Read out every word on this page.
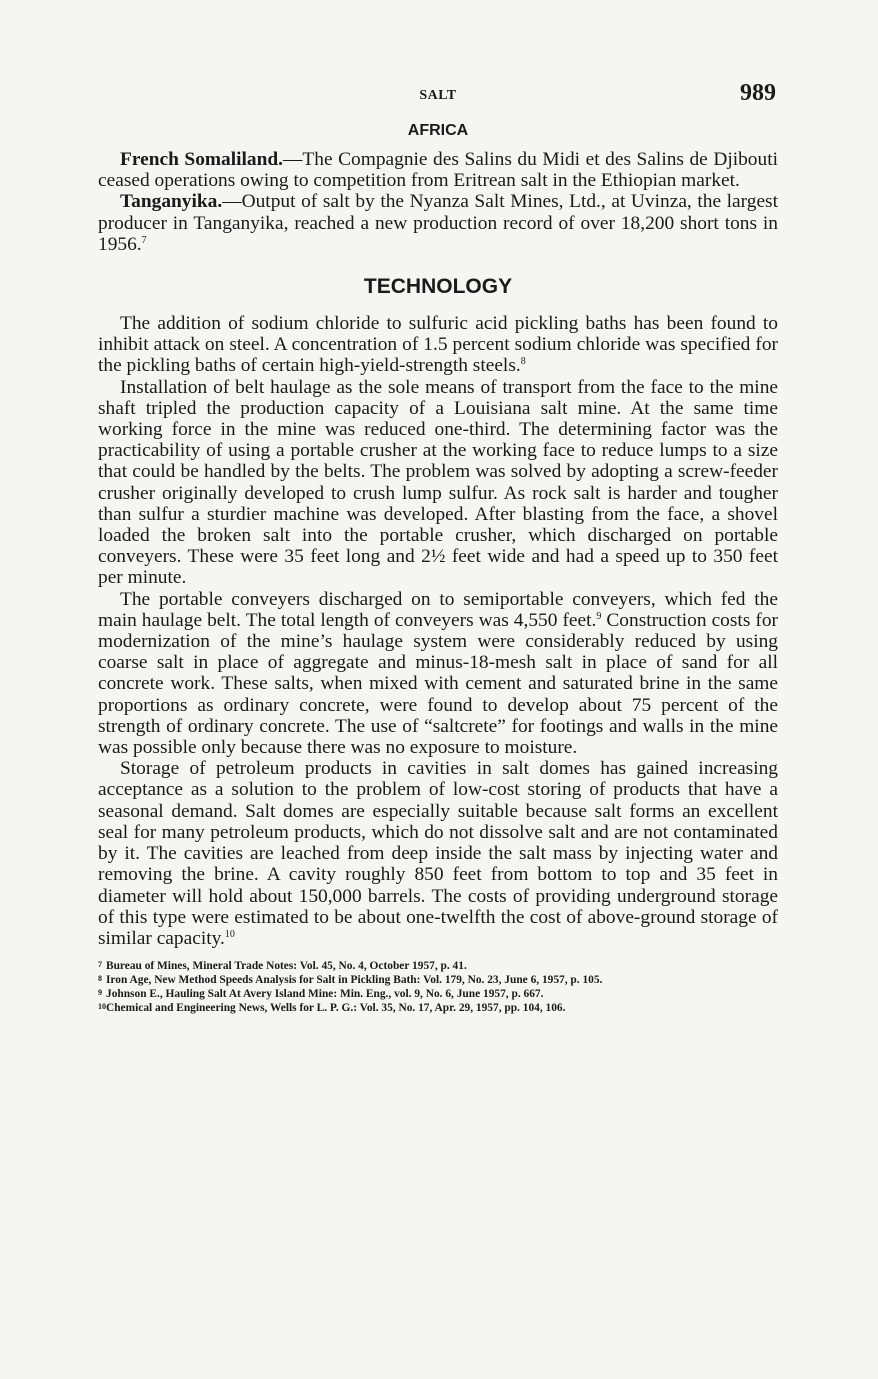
SALT	989
AFRICA

French Somaliland.—The Compagnie des Salins du Midi et des Salins de Djibouti ceased operations owing to competition from Eritrean salt in the Ethiopian market.

Tanganyika.—Output of salt by the Nyanza Salt Mines, Ltd., at Uvinza, the largest producer in Tanganyika, reached a new production record of over 18,200 short tons in 1956.$^7$

TECHNOLOGY

The addition of sodium chloride to sulfuric acid pickling baths has been found to inhibit attack on steel. A concentration of 1.5 percent sodium chloride was specified for the pickling baths of certain high-yield-strength steels.$^8$

Installation of belt haulage as the sole means of transport from the face to the mine shaft tripled the production capacity of a Louisiana salt mine. At the same time working force in the mine was reduced one-third. The determining factor was the practicability of using a portable crusher at the working face to reduce lumps to a size that could be handled by the belts. The problem was solved by adopting a screw-feeder crusher originally developed to crush lump sulfur. As rock salt is harder and tougher than sulfur a sturdier machine was developed. After blasting from the face, a shovel loaded the broken salt into the portable crusher, which discharged on portable conveyers. These were 35 feet long and 2½ feet wide and had a speed up to 350 feet per minute.

The portable conveyers discharged on to semiportable conveyers, which fed the main haulage belt. The total length of conveyers was 4,550 feet.$^9$ Construction costs for modernization of the mine’s haulage system were considerably reduced by using coarse salt in place of aggregate and minus-18-mesh salt in place of sand for all concrete work. These salts, when mixed with cement and saturated brine in the same proportions as ordinary concrete, were found to develop about 75 percent of the strength of ordinary concrete. The use of “saltcrete” for footings and walls in the mine was possible only because there was no exposure to moisture.

Storage of petroleum products in cavities in salt domes has gained increasing acceptance as a solution to the problem of low-cost storing of products that have a seasonal demand. Salt domes are especially suitable because salt forms an excellent seal for many petroleum products, which do not dissolve salt and are not contaminated by it. The cavities are leached from deep inside the salt mass by injecting water and removing the brine. A cavity roughly 850 feet from bottom to top and 35 feet in diameter will hold about 150,000 barrels. The costs of providing underground storage of this type were estimated to be about one-twelfth the cost of above-ground storage of similar capacity.$^{10}$

7 Bureau of Mines, Mineral Trade Notes: Vol. 45, No. 4, October 1957, p. 41.
8 Iron Age, New Method Speeds Analysis for Salt in Pickling Bath: Vol. 179, No. 23, June 6, 1957, p. 105.
9 Johnson E., Hauling Salt At Avery Island Mine: Min. Eng., vol. 9, No. 6, June 1957, p. 667.
10Chemical and Engineering News, Wells for L. P. G.: Vol. 35, No. 17, Apr. 29, 1957, pp. 104, 106.
